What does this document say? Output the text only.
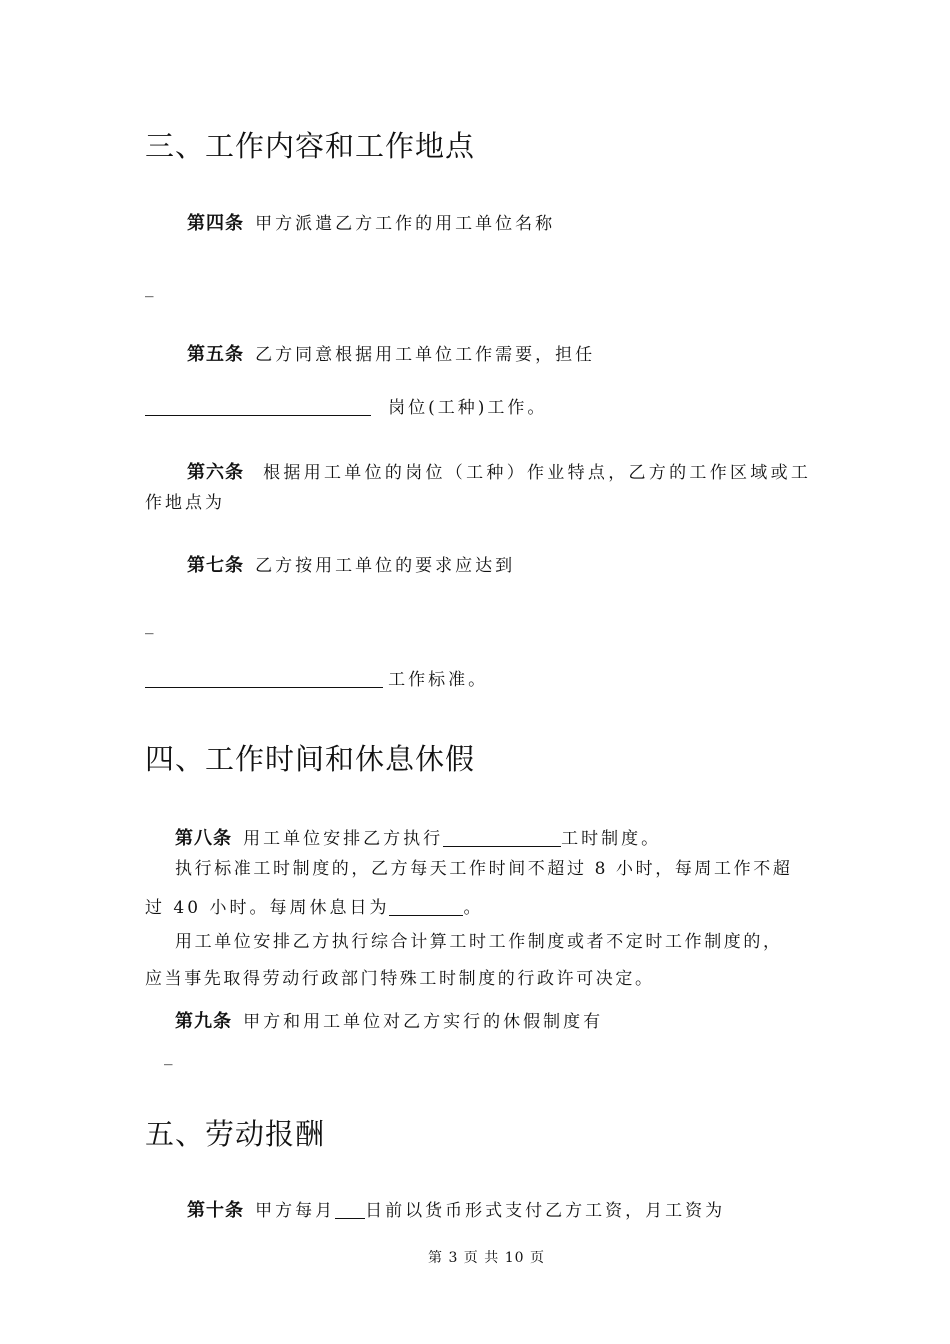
三、工作内容和工作地点
第四条 甲方派遣乙方工作的用工单位名称
_
第五条 乙方同意根据用工单位工作需要，担任
岗位(工种)工作。
第六条 根据用工单位的岗位（工种）作业特点，乙方的工作区域或工
作地点为
第七条 乙方按用工单位的要求应达到
_
工作标准。
四、工作时间和休息休假
第八条 用工单位安排乙方执行	工时制度。
执行标准工时制度的，乙方每天工作时间不超过 8 小时，每周工作不超
过 40 小时。每周休息日为	。
用工单位安排乙方执行综合计算工时工作制度或者不定时工作制度的，
应当事先取得劳动行政部门特殊工时制度的行政许可决定。
第九条 甲方和用工单位对乙方实行的休假制度有
_
五、劳动报酬
第十条 甲方每月 日前以货币形式支付乙方工资，月工资为
第 3 页 共 10 页
